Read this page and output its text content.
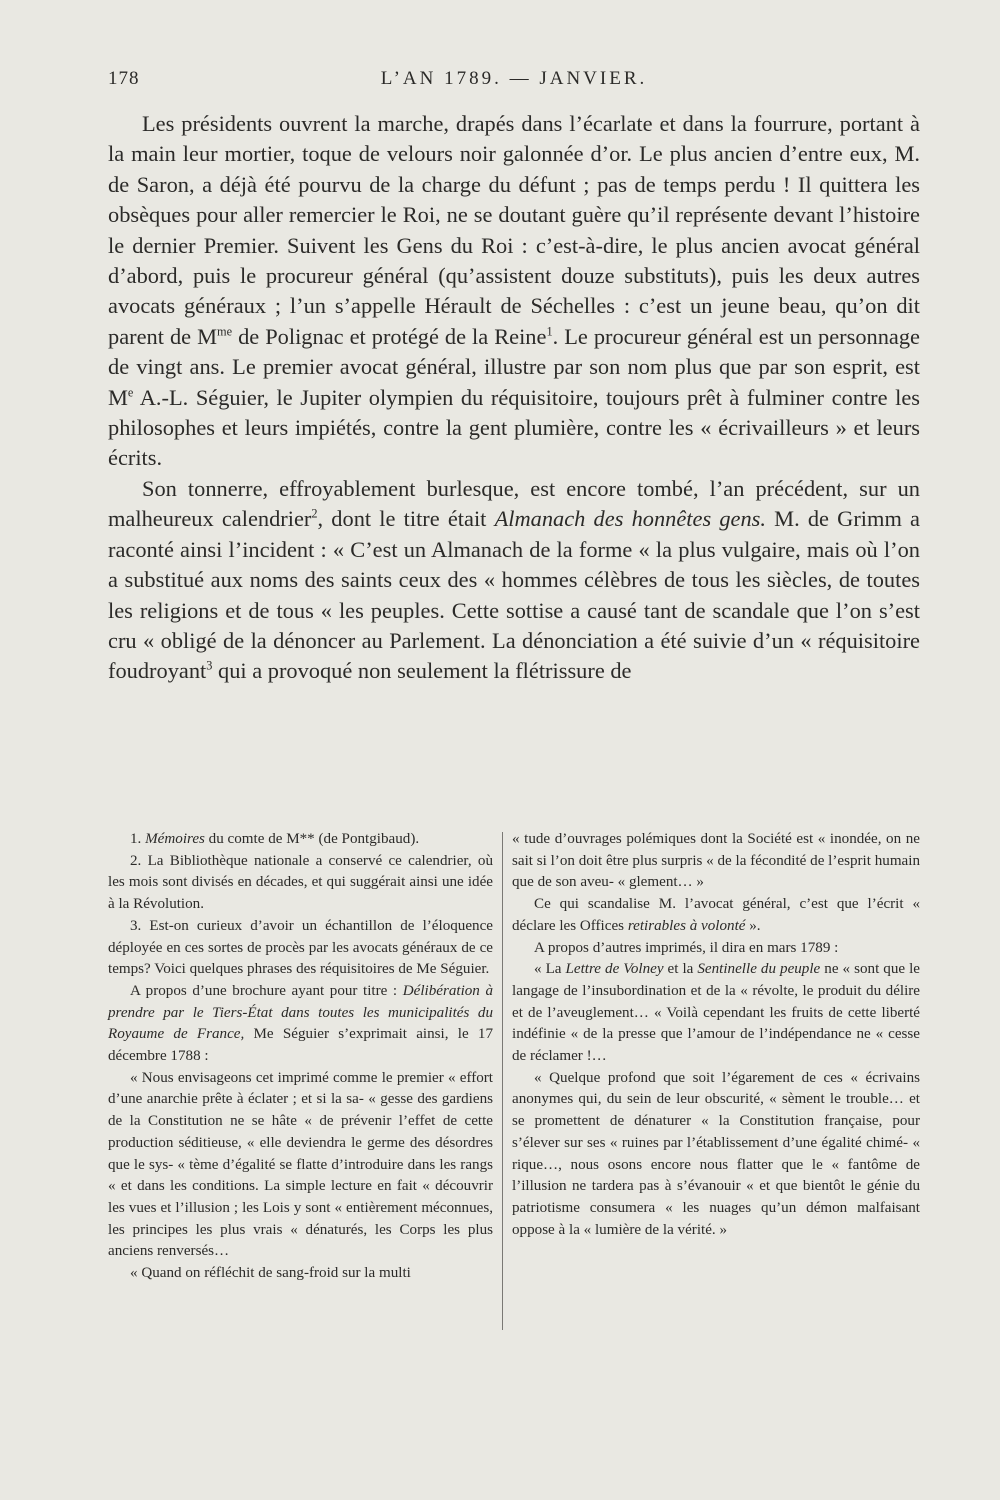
178	L’AN 1789. — JANVIER.

Les présidents ouvrent la marche, drapés dans l’écarlate et dans la fourrure, portant à la main leur mortier, toque de velours noir galonnée d’or. Le plus ancien d’entre eux, M. de Saron, a déjà été pourvu de la charge du défunt ; pas de temps perdu ! Il quittera les obsèques pour aller remercier le Roi, ne se doutant guère qu’il représente devant l’histoire le dernier Premier. Suivent les Gens du Roi : c’est-à-dire, le plus ancien avocat général d’abord, puis le procureur général (qu’assistent douze substituts), puis les deux autres avocats généraux ; l’un s’appelle Hérault de Séchelles : c’est un jeune beau, qu’on dit parent de $M^{me}$ de Polignac et protégé de la Reine$^1$. Le procureur général est un personnage de vingt ans. Le premier avocat général, illustre par son nom plus que par son esprit, est Me A.-L. Séguier, le Jupiter olympien du réquisitoire, toujours prêt à fulminer contre les philosophes et leurs impiétés, contre la gent plumière, contre les « écrivailleurs » et leurs écrits.

Son tonnerre, effroyablement burlesque, est encore tombé, l’an précédent, sur un malheureux calendrier$^2$, dont le titre était Almanach des honnêtes gens. M. de Grimm a raconté ainsi l’incident : « C’est un Almanach de la forme « la plus vulgaire, mais où l’on a substitué aux noms des saints ceux des « hommes célèbres de tous les siècles, de toutes les religions et de tous « les peuples. Cette sottise a causé tant de scandale que l’on s’est cru « obligé de la dénoncer au Parlement. La dénonciation a été suivie d’un « réquisitoire foudroyant$^3$ qui a provoqué non seulement la flétrissure de

1. Mémoires du comte de M** (de Pontgibaud).

2. La Bibliothèque nationale a conservé ce calendrier, où les mois sont divisés en décades, et qui suggérait ainsi une idée à la Révolution.

3. Est-on curieux d’avoir un échantillon de l’éloquence déployée en ces sortes de procès par les avocats généraux de ce temps? Voici quelques phrases des réquisitoires de Me Séguier.

A propos d’une brochure ayant pour titre : Délibération à prendre par le Tiers-État dans toutes les municipalités du Royaume de France, Me Séguier s’exprimait ainsi, le 17 décembre 1788 :

« Nous envisageons cet imprimé comme le premier « effort d’une anarchie prête à éclater ; et si la sa- « gesse des gardiens de la Constitution ne se hâte « de prévenir l’effet de cette production séditieuse, « elle deviendra le germe des désordres que le sys- « tème d’égalité se flatte d’introduire dans les rangs « et dans les conditions. La simple lecture en fait « découvrir les vues et l’illusion ; les Lois y sont « entièrement méconnues, les principes les plus vrais « dénaturés, les Corps les plus anciens renversés…

« Quand on réfléchit de sang-froid sur la multi

« tude d’ouvrages polémiques dont la Société est « inondée, on ne sait si l’on doit être plus surpris « de la fécondité de l’esprit humain que de son aveu- « glement… »

Ce qui scandalise M. l’avocat général, c’est que l’écrit « déclare les Offices retirables à volonté ».

A propos d’autres imprimés, il dira en mars 1789 :

« La Lettre de Volney et la Sentinelle du peuple ne « sont que le langage de l’insubordination et de la « révolte, le produit du délire et de l’aveuglement… « Voilà cependant les fruits de cette liberté indéfinie « de la presse que l’amour de l’indépendance ne « cesse de réclamer !…

« Quelque profond que soit l’égarement de ces « écrivains anonymes qui, du sein de leur obscurité, « sèment le trouble… et se promettent de dénaturer « la Constitution française, pour s’élever sur ses « ruines par l’établissement d’une égalité chimé- « rique…, nous osons encore nous flatter que le « fantôme de l’illusion ne tardera pas à s’évanouir « et que bientôt le génie du patriotisme consumera « les nuages qu’un démon malfaisant oppose à la « lumière de la vérité. »
